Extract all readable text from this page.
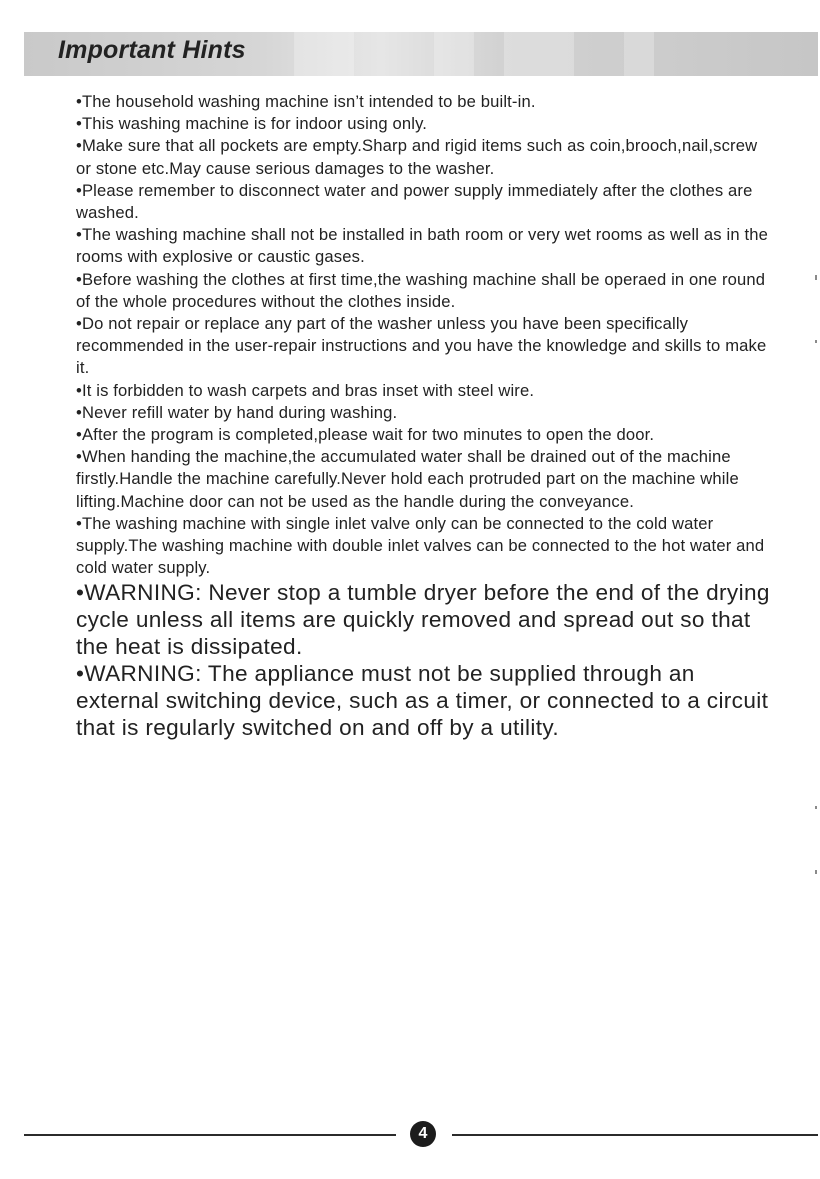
Important Hints

•The household washing machine isn’t intended to be built-in.

•This washing machine is for indoor using only.

•Make sure that all pockets are empty.Sharp and rigid items such as coin,brooch,nail,screw or stone etc.May cause serious damages to the washer.

•Please remember to disconnect water and power supply immediately after the clothes are washed.

•The washing machine shall not be installed in bath room or very wet rooms as well as in the rooms with explosive or caustic gases.

•Before washing the clothes at first time,the washing machine shall be operaed in one round of the whole procedures without the clothes inside.

•Do not repair or replace any part of the washer unless you have been specifically recommended in the user-repair instructions and you have the knowledge and skills to make it.

•It is forbidden to wash carpets and bras inset with steel wire.

•Never refill water by hand during washing.

•After the program is completed,please wait for two minutes to open the door.

•When handing the machine,the accumulated water shall be drained out of the machine firstly.Handle the machine carefully.Never hold each protruded part on the machine while lifting.Machine door can not be used as the handle during the conveyance.

•The washing machine with single inlet valve only can be connected to the cold water supply.The washing machine with double inlet valves can be connected to the hot water and cold water supply.

•WARNING: Never stop a tumble dryer before the end of the drying cycle unless all items are quickly removed and spread out so that the heat is dissipated.

•WARNING: The appliance must not be supplied through an external switching device, such as a timer, or connected to a circuit that is regularly switched on and off by a utility.

4
